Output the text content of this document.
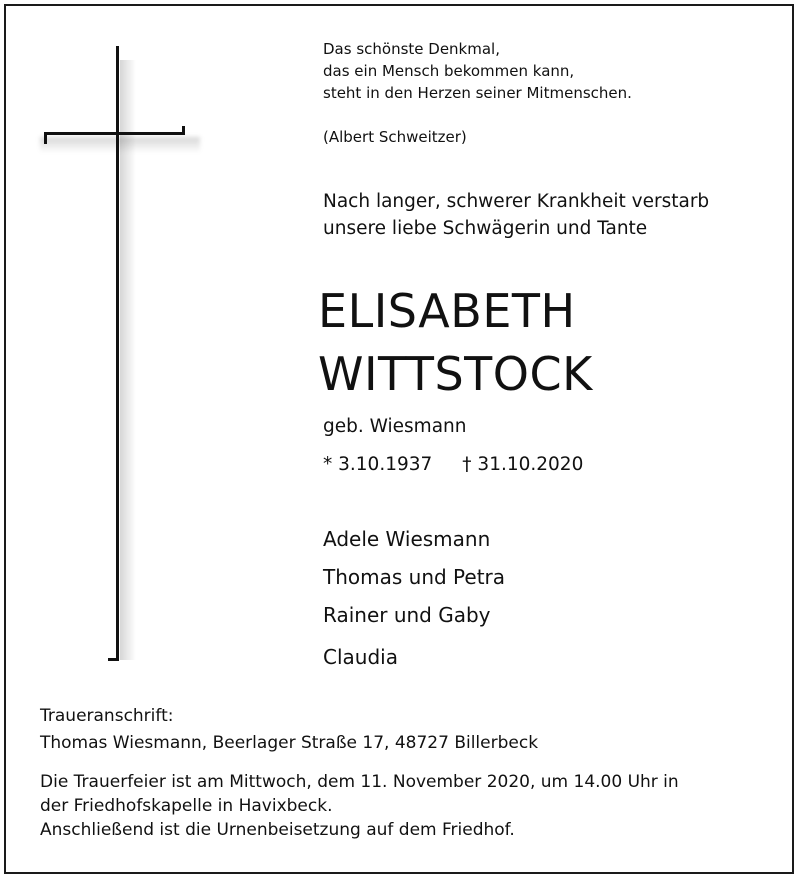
Das schönste Denkmal,
das ein Mensch bekommen kann,
steht in den Herzen seiner Mitmenschen.
(Albert Schweitzer)
Nach langer, schwerer Krankheit verstarb
unsere liebe Schwägerin und Tante
ELISABETH
WITTSTOCK
geb. Wiesmann
* 3.10.1937 † 31.10.2020
Adele Wiesmann
Thomas und Petra
Rainer und Gaby
Claudia
Traueranschrift:
Thomas Wiesmann, Beerlager Straße 17, 48727 Billerbeck
Die Trauerfeier ist am Mittwoch, dem 11. November 2020, um 14.00 Uhr in
der Friedhofskapelle in Havixbeck.
Anschließend ist die Urnenbeisetzung auf dem Friedhof.
